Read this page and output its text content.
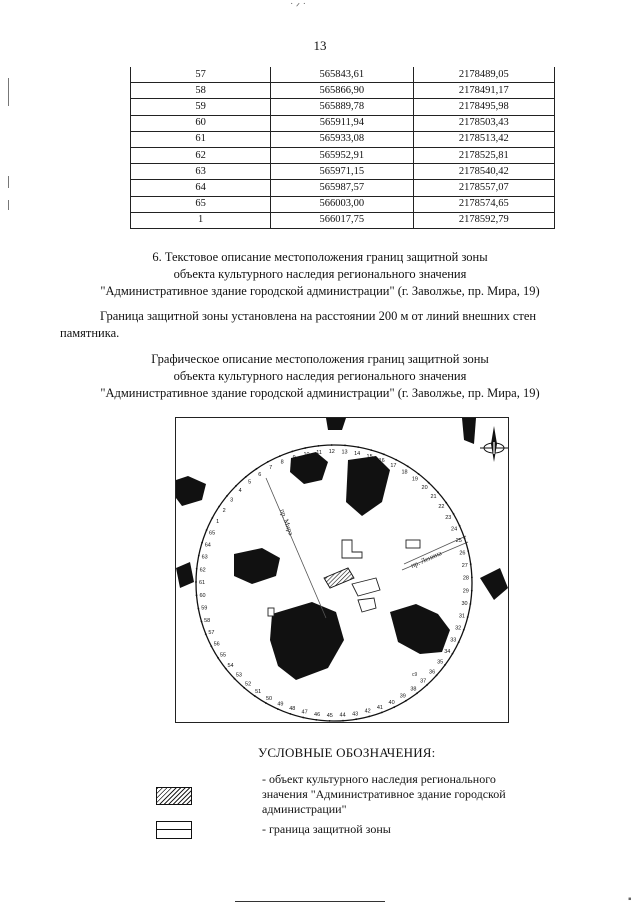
˙ ᐟ ˙
▪
13
57	565843,61	2178489,05
58	565866,90	2178491,17
59	565889,78	2178495,98
60	565911,94	2178503,43
61	565933,08	2178513,42
62	565952,91	2178525,81
63	565971,15	2178540,42
64	565987,57	2178557,07
65	566003,00	2178574,65
1	566017,75	2178592,79
6. Текстовое описание местоположения границ защитной зоны
объекта культурного наследия регионального значения
"Административное здание городской администрации" (г. Заволжье, пр. Мира, 19)
Граница защитной зоны установлена на расстоянии 200 м от линий внешних стен
памятника.
Графическое описание местоположения границ защитной зоны
объекта культурного наследия регионального значения
"Административное здание городской администрации" (г. Заволжье, пр. Мира, 19)
пр. Мира
пр. Ленина
с9
1
2
3
4
5
6
7
8
9
10 11 12 13 14 15
16
17
18
19
20
21
22
23
24
25
26
27
28
29
30
31
32
33
34
35
36
37
38
39
40
41
42
43
44
45
46
47
48
49
50
51
52
53
54
55
56
57
58
59
60
61
62
63
64
65
УСЛОВНЫЕ ОБОЗНАЧЕНИЯ:
- объект культурного наследия регионального
значения "Административное здание городской
администрации"
- граница защитной зоны
